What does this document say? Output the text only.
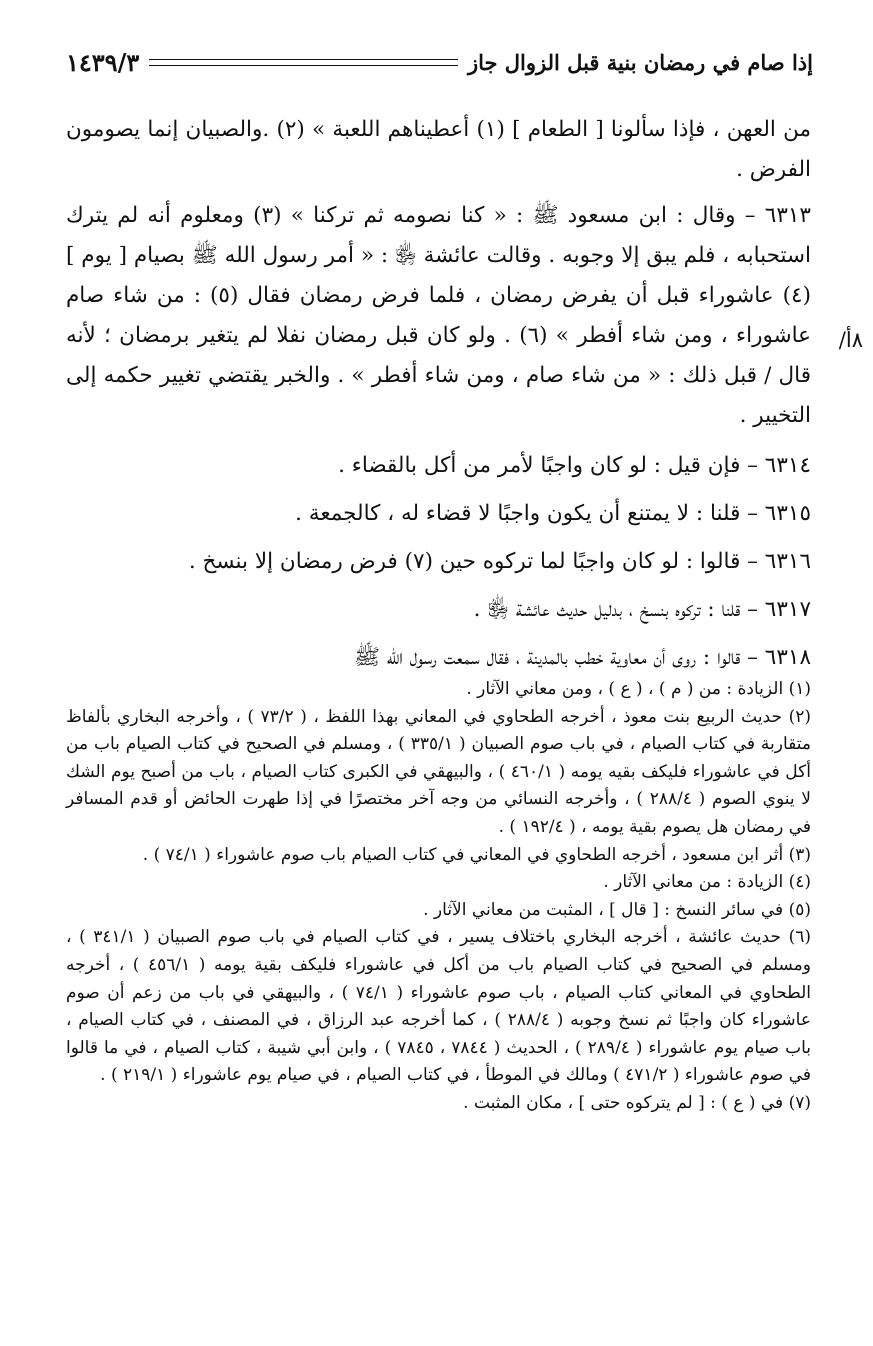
إذا صام في رمضان بنية قبل الزوال جاز
١٤٣٩/٣
/٨أ

من العهن ، فإذا سألونا [ الطعام ] (١) أعطيناهم اللعبة » (٢) .والصبيان إنما يصومون الفرض .

٦٣١٣ – وقال : ابن مسعود ﷺ : « كنا نصومه ثم تركنا » (٣) ومعلوم أنه لم يترك استحبابه ، فلم يبق إلا وجوبه . وقالت عائشة ﵂ : « أمر رسول الله ﷺ بصيام [ يوم ] (٤) عاشوراء قبل أن يفرض رمضان ، فلما فرض رمضان فقال (٥) : من شاء صام عاشوراء ، ومن شاء أفطر » (٦) . ولو كان قبل رمضان نفلا لم يتغير برمضان ؛ لأنه قال / قبل ذلك : « من شاء صام ، ومن شاء أفطر » . والخبر يقتضي تغيير حكمه إلى التخيير .

٦٣١٤ – فإن قيل : لو كان واجبًا لأمر من أكل بالقضاء .

٦٣١٥ – قلنا : لا يمتنع أن يكون واجبًا لا قضاء له ، كالجمعة .

٦٣١٦ – قالوا : لو كان واجبًا لما تركوه حين (٧) فرض رمضان إلا بنسخ .

٦٣١٧ – قلنا : تركوه بنسخ ، بدليل حديث عائشة ﵂ .

٦٣١٨ – قالوا : روى أن معاوية خطب بالمدينة ، فقال سمعت رسول الله ﷺ

(١) الزيادة : من ( م ) ، ( ع ) ، ومن معاني الآثار .

(٢) حديث الربيع بنت معوذ ، أخرجه الطحاوي في المعاني بهذا اللفظ ، ( ٧٣/٢ ) ، وأخرجه البخاري بألفاظ متقاربة في كتاب الصيام ، في باب صوم الصبيان ( ٣٣٥/١ ) ، ومسلم في الصحيح في كتاب الصيام باب من أكل في عاشوراء فليكف بقيه يومه ( ٤٦٠/١ ) ، والبيهقي في الكبرى كتاب الصيام ، باب من أصبح يوم الشك لا ينوي الصوم ( ٢٨٨/٤ ) ، وأخرجه النسائي من وجه آخر مختصرًا في إذا طهرت الحائض أو قدم المسافر في رمضان هل يصوم بقية يومه ، ( ١٩٢/٤ ) .

(٣) أثر ابن مسعود ، أخرجه الطحاوي في المعاني في كتاب الصيام باب صوم عاشوراء ( ٧٤/١ ) .

(٤) الزيادة : من معاني الآثار .

(٥) في سائر النسخ : [ قال ] ، المثبت من معاني الآثار .

(٦) حديث عائشة ، أخرجه البخاري باختلاف يسير ، في كتاب الصيام في باب صوم الصبيان ( ٣٤١/١ ) ، ومسلم في الصحيح في كتاب الصيام باب من أكل في عاشوراء فليكف بقية يومه ( ٤٥٦/١ ) ، أخرجه الطحاوي في المعاني كتاب الصيام ، باب صوم عاشوراء ( ٧٤/١ ) ، والبيهقي في باب من زعم أن صوم عاشوراء كان واجبًا ثم نسخ وجوبه ( ٢٨٨/٤ ) ، كما أخرجه عبد الرزاق ، في المصنف ، في كتاب الصيام ، باب صيام يوم عاشوراء ( ٢٨٩/٤ ) ، الحديث ( ٧٨٤٤ ، ٧٨٤٥ ) ، وابن أبي شيبة ، كتاب الصيام ، في ما قالوا في صوم عاشوراء ( ٤٧١/٢ ) ومالك في الموطأ ، في كتاب الصيام ، في صيام يوم عاشوراء ( ٢١٩/١ ) .

(٧) في ( ع ) : [ لم يتركوه حتى ] ، مكان المثبت .
